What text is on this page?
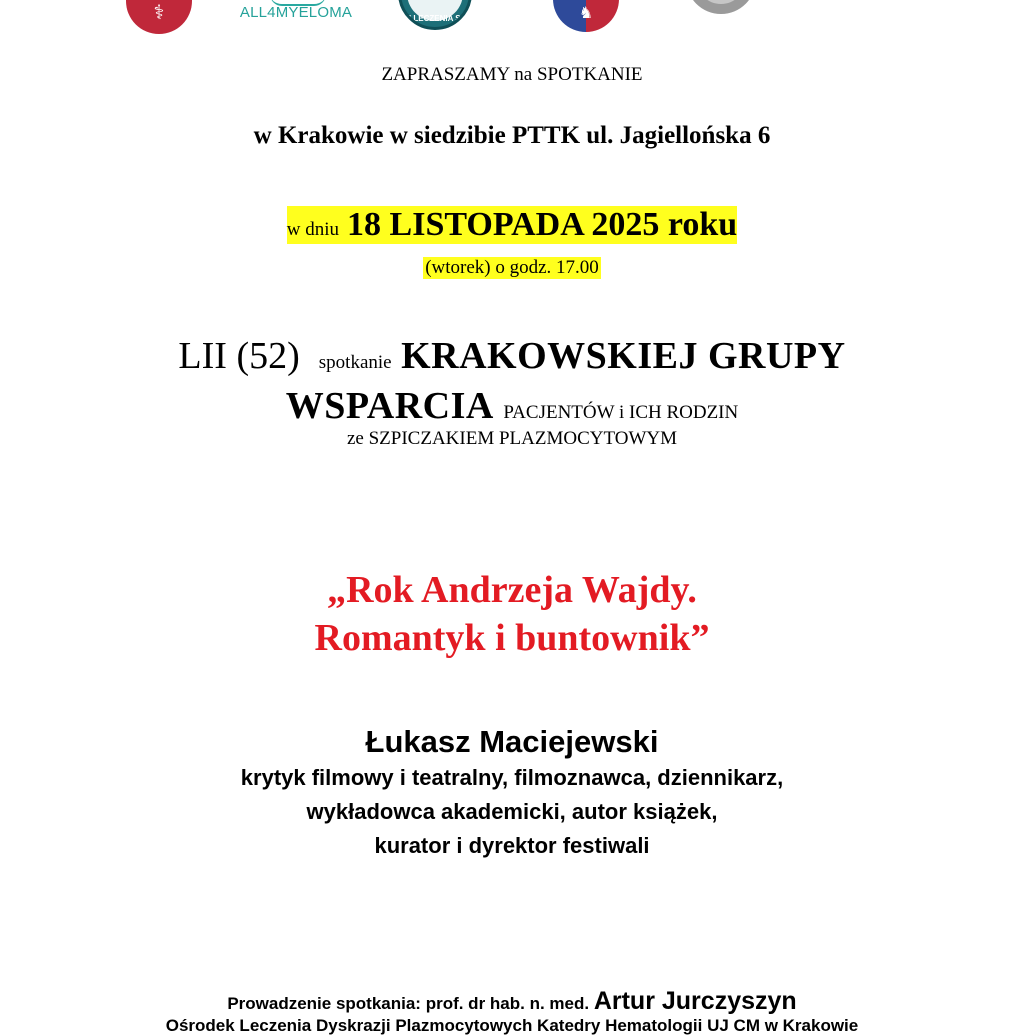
⚕	ALL4MYELOMA	M LECZENIA SZ	♞
ZAPRASZAMY na SPOTKANIE
w Krakowie w siedzibie PTTK ul. Jagiellońska 6
w dniu 18 LISTOPADA 2025 roku
(wtorek) o godz. 17.00
LII (52) spotkanie KRAKOWSKIEJ GRUPY
WSPARCIA PACJENTÓW i ICH RODZIN
ze SZPICZAKIEM PLAZMOCYTOWYM
„Rok Andrzeja Wajdy.
Romantyk i buntownik”
Łukasz Maciejewski
krytyk filmowy i teatralny, filmoznawca, dziennikarz,
wykładowca akademicki, autor książek,
kurator i dyrektor festiwali
Prowadzenie spotkania: prof. dr hab. n. med. Artur Jurczyszyn
Ośrodek Leczenia Dyskrazji Plazmocytowych Katedry Hematologii UJ CM w Krakowie
